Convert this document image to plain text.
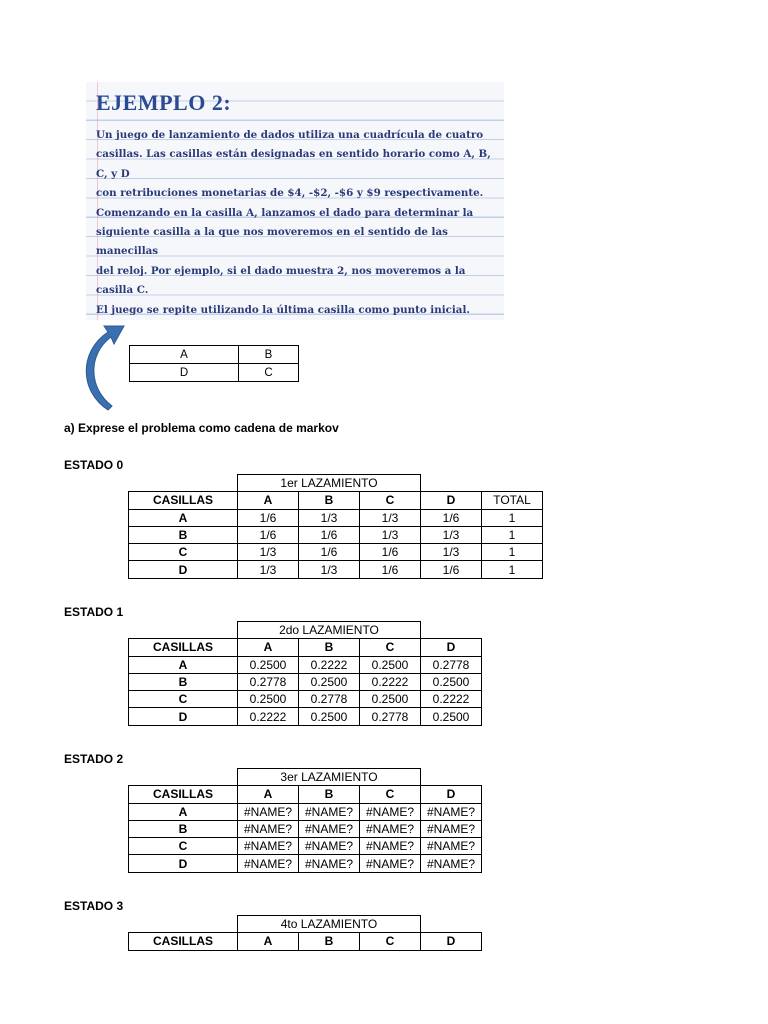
EJEMPLO 2:

Un juego de lanzamiento de dados utiliza una cuadrícula de cuatro
casillas. Las casillas están designadas en sentido horario como A, B, C, y D
con retribuciones monetarias de $4, -$2, -$6 y $9 respectivamente.
Comenzando en la casilla A, lanzamos el dado para determinar la
siguiente casilla a la que nos moveremos en el sentido de las manecillas
del reloj. Por ejemplo, si el dado muestra 2, nos moveremos a la casilla C.
El juego se repite utilizando la última casilla como punto inicial.

A	B
D	C

a) Exprese el problema como cadena de markov

ESTADO 0

ESTADO 1

ESTADO 2

ESTADO 3

	1er LAZAMIENTO				
CASILLAS	A	B	C	D	TOTAL
A	1/6	1/3	1/3	1/6	1
B	1/6	1/6	1/3	1/3	1
C	1/3	1/6	1/6	1/3	1
D	1/3	1/3	1/6	1/6	1
	2do LAZAMIENTO			
CASILLAS	A	B	C	D
A	0.2500	0.2222	0.2500	0.2778
B	0.2778	0.2500	0.2222	0.2500
C	0.2500	0.2778	0.2500	0.2222
D	0.2222	0.2500	0.2778	0.2500
	3er LAZAMIENTO			
CASILLAS	A	B	C	D
A	#NAME?	#NAME?	#NAME?	#NAME?
B	#NAME?	#NAME?	#NAME?	#NAME?
C	#NAME?	#NAME?	#NAME?	#NAME?
D	#NAME?	#NAME?	#NAME?	#NAME?
	4to LAZAMIENTO			
CASILLAS	A	B	C	D
